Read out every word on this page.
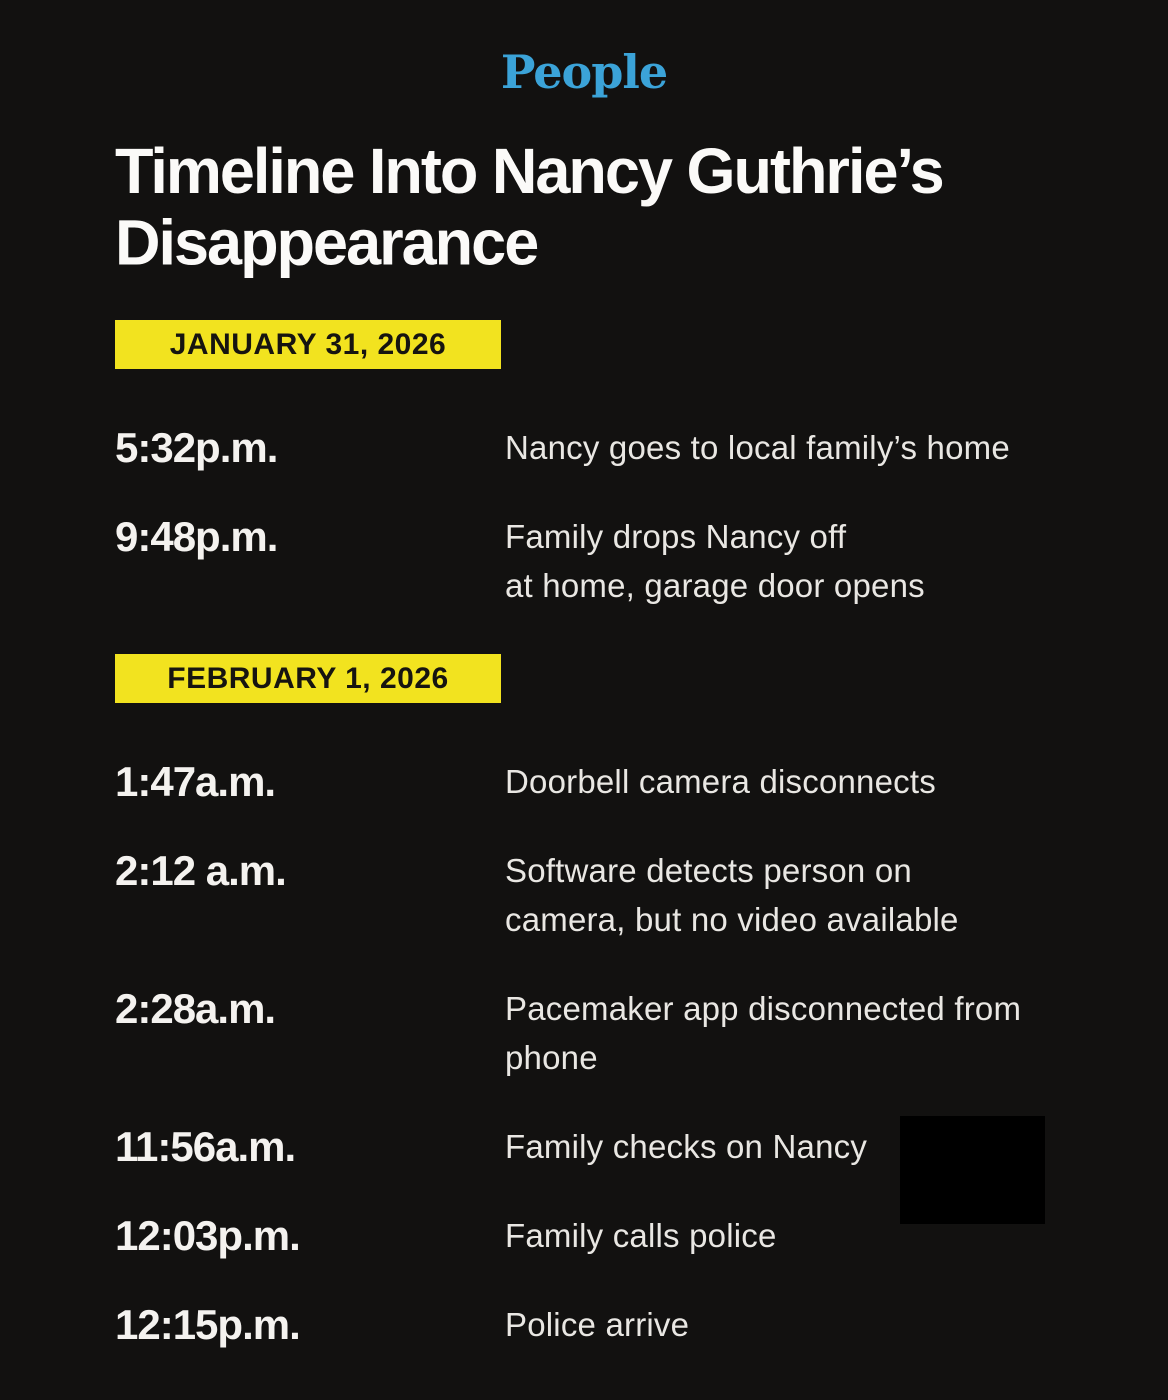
People
Timeline Into Nancy Guthrie’s
Disappearance
JANUARY 31, 2026
5:32p.m.	Nancy goes to local family’s home
9:48p.m.	Family drops Nancy off
at home, garage door opens
FEBRUARY 1, 2026
1:47a.m.	Doorbell camera disconnects
2:12 a.m.	Software detects person on
camera, but no video available
2:28a.m.	Pacemaker app disconnected from
phone
11:56a.m.	Family checks on Nancy
12:03p.m.	Family calls police
12:15p.m.	Police arrive
